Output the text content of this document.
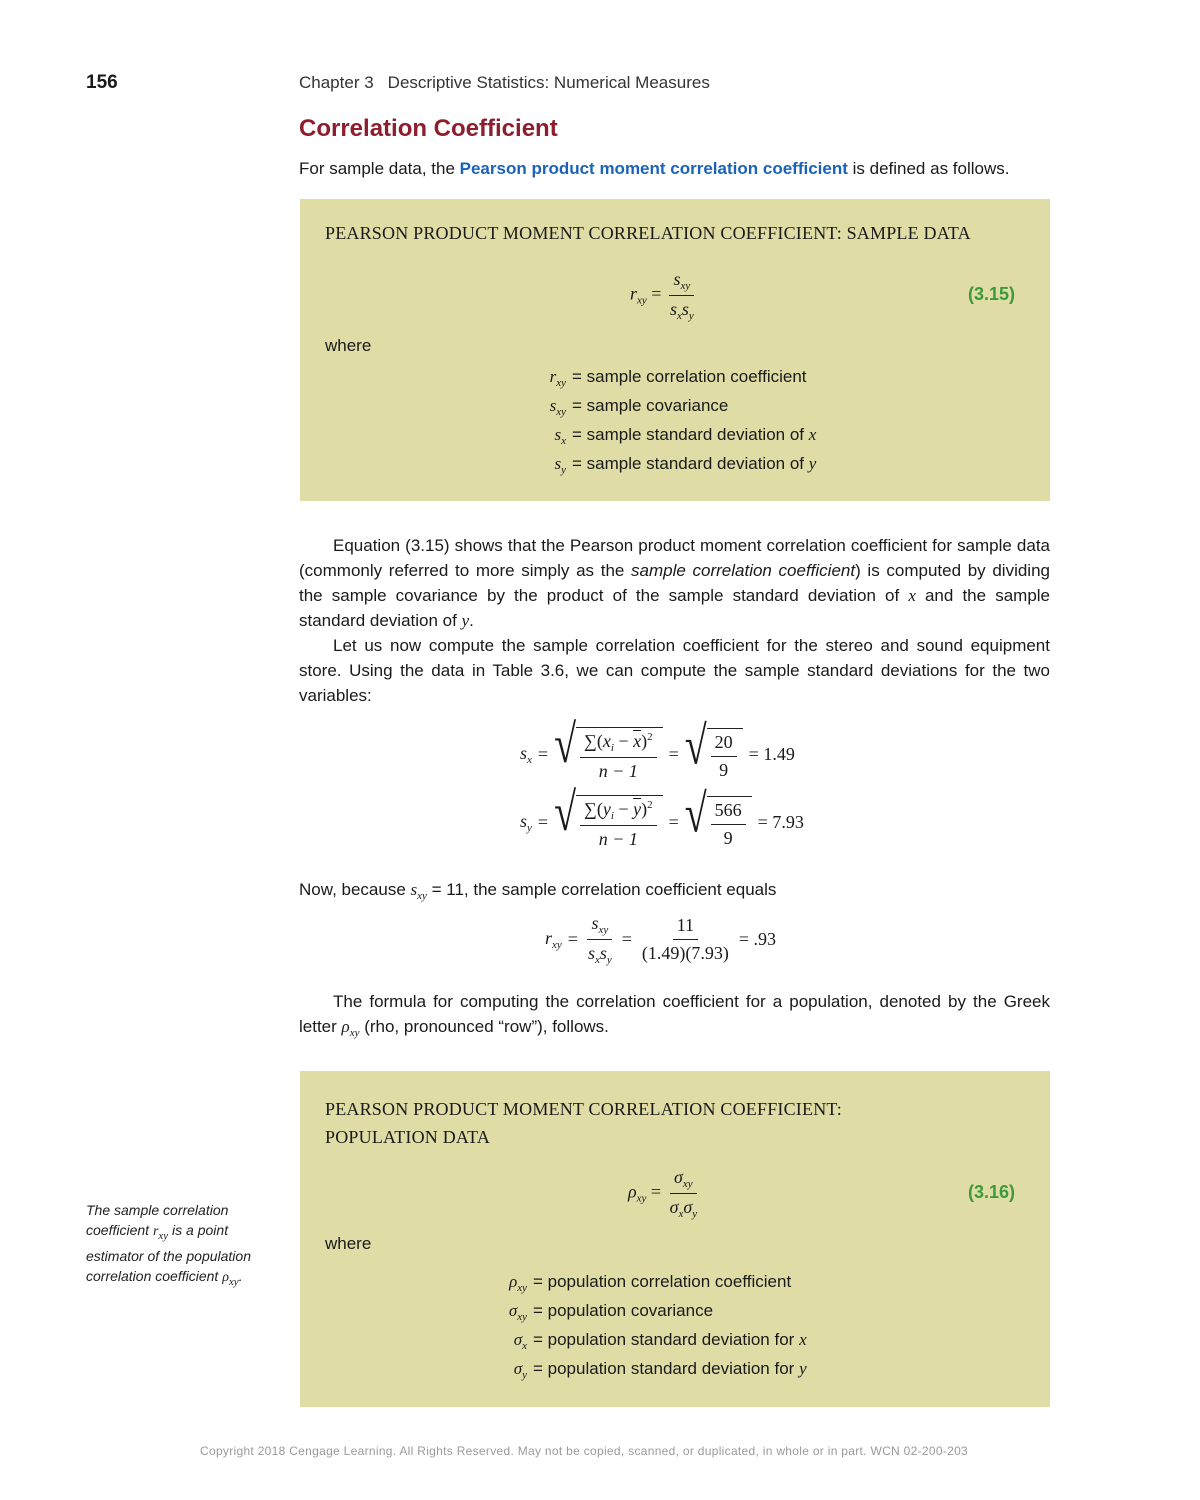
156	Chapter 3 Descriptive Statistics: Numerical Measures
Correlation Coefficient
For sample data, the Pearson product moment correlation coefficient is defined as follows.
PEARSON PRODUCT MOMENT CORRELATION COEFFICIENT: SAMPLE DATA
$r_{xy} = \frac{s_{xy}}{s_xs_y}$	(3.15)
where
$r_{xy}$ = sample correlation coefficient
$s_{xy}$ = sample covariance
$s_x$ = sample standard deviation of x
$s_y$ = sample standard deviation of y

Equation (3.15) shows that the Pearson product moment correlation coefficient for sample data (commonly referred to more simply as the sample correlation coefficient) is computed by dividing the sample covariance by the product of the sample standard deviation of x and the sample standard deviation of y.

Let us now compute the sample correlation coefficient for the stereo and sound equipment store. Using the data in Table 3.6, we can compute the sample standard deviations for the two variables:

$s_x$ = √ $\frac{\sum(x_i - \overline{x})^2}{n - 1}$ = √ $\frac{20}{9} = 1.49$
$s_y$ = √ $\frac{\sum(y_i - \overline{y})^2}{n - 1}$ = √ $\frac{566}{9} = 7.93$
Now, because $s_{xy} = 11$, the sample correlation coefficient equals
$r_{xy} = \frac{s_{xy}}{s_xs_y} = \frac{11}{(1.49)(7.93)} = .93$
The formula for computing the correlation coefficient for a population, denoted by the Greek letter $\rho_{xy}$ (rho, pronounced “row”), follows.
PEARSON PRODUCT MOMENT CORRELATION COEFFICIENT:
POPULATION DATA
$\rho_{xy} = \frac{\sigma_{xy}}{\sigma_x\sigma_y}$	(3.16)
where
$\rho_{xy}$ = population correlation coefficient
$\sigma_{xy}$ = population covariance
$\sigma_x$ = population standard deviation for x
$\sigma_y$ = population standard deviation for y
The sample correlation coefficient $r_{xy}$ is a point estimator of the population correlation coefficient $\rho_{xy}$.
Copyright 2018 Cengage Learning. All Rights Reserved. May not be copied, scanned, or duplicated, in whole or in part. WCN 02-200-203
